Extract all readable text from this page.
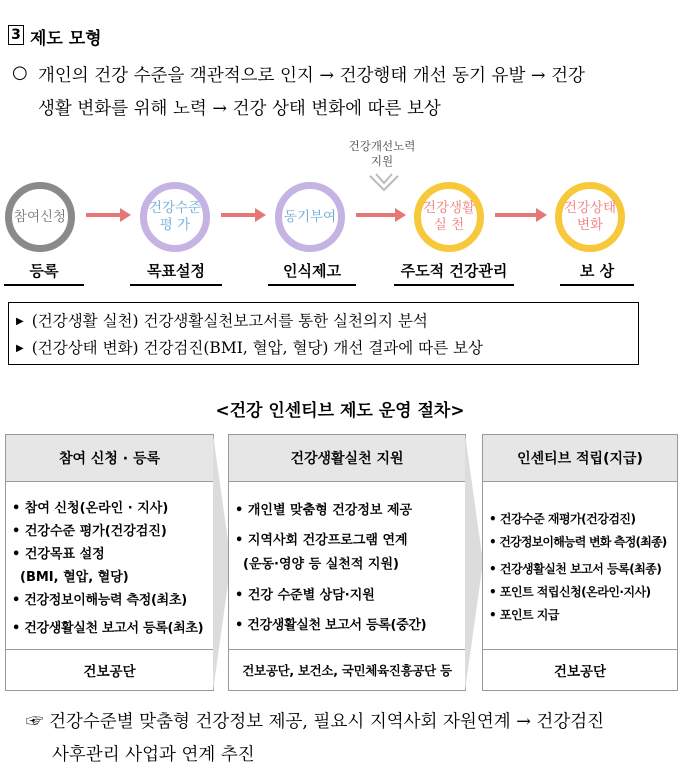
3 제도 모형
○ 개인의 건강 수준을 객관적으로 인지 → 건강행태 개선 동기 유발 → 건강
생활 변화를 위해 노력 → 건강 상태 변화에 따른 보상
건강개선노력
지원
참여신청
건강수준
평 가
동기부여
건강생활
실 천
건강상태
변화
등록	목표설정	인식제고	주도적 건강관리	보 상
▶ (건강생활 실천) 건강생활실천보고서를 통한 실천의지 분석
▶ (건강상태 변화) 건강검진(BMI, 혈압, 혈당) 개선 결과에 따른 보상
<건강 인센티브 제도 운영 절차>
참여 신청 · 등록
• 참여 신청(온라인 · 지사)
• 건강수준 평가(건강검진)
• 건강목표 설정
(BMI, 혈압, 혈당)
• 건강정보이해능력 측정(최초)
• 건강생활실천 보고서 등록(최초)
건보공단
건강생활실천 지원
• 개인별 맞춤형 건강정보 제공
• 지역사회 건강프로그램 연계
(운동·영양 등 실천적 지원)
• 건강 수준별 상담·지원
• 건강생활실천 보고서 등록(중간)
건보공단, 보건소, 국민체육진흥공단 등
인센티브 적립(지급)
• 건강수준 재평가(건강검진)
• 건강정보이해능력 변화 측정(최종)
• 건강생활실천 보고서 등록(최종)
• 포인트 적립신청(온라인·지사)
• 포인트 지급
건보공단
☞ 건강수준별 맞춤형 건강정보 제공, 필요시 지역사회 자원연계 → 건강검진
사후관리 사업과 연계 추진
